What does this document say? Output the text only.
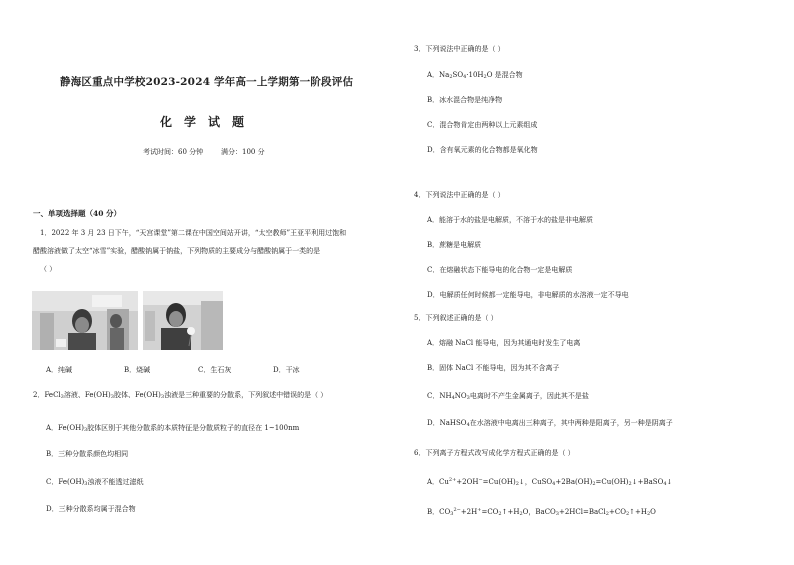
静海区重点中学校2023-2024 学年高一上学期第一阶段评估
化学试题
考试时间：60 分钟	满分：100 分
一、单项选择题（40 分）
1．2022 年 3 月 23 日下午，“天宫课堂”第二课在中国空间站开讲，“太空教师”王亚平利用过饱和
醋酸溶液做了太空“冰雪”实验，醋酸钠属于钠盐，下列物质的主要成分与醋酸钠属于一类的是
（ ）
A．纯碱	B．烧碱	C．生石灰	D．干冰
2．FeCl$_3$溶液、$Fe(OH)_3$胶体、$Fe(OH)_3$浊液是三种重要的分散系，下列叙述中错误的是（ ）
A．$Fe(OH)_3$胶体区别于其他分散系的本质特征是分散质粒子的直径在 1~100nm
B．三种分散系颜色均相同
C．$Fe(OH)_3$浊液不能透过滤纸
D．三种分散系均属于混合物
3．下列说法中正确的是（ ）
A．$Na_2SO_4\cdot 10H_2O$ 是混合物
B．冰水混合物是纯净物
C．混合物肯定由两种以上元素组成
D．含有氧元素的化合物都是氧化物
4．下列说法中正确的是（ ）
A．能溶于水的盐是电解质，不溶于水的盐是非电解质
B．蔗糖是电解质
C．在熔融状态下能导电的化合物一定是电解质
D．电解质任何时候都一定能导电，非电解质的水溶液一定不导电
5．下列叙述正确的是（ ）
A．熔融 NaCl 能导电，因为其通电时发生了电离
B．固体 NaCl 不能导电，因为其不含离子
C．$NH_4NO_3$电离时不产生金属离子，因此其不是盐
D．NaHSO$_4$在水溶液中电离出三种离子，其中两种是阳离子，另一种是阴离子
6．下列离子方程式改写成化学方程式正确的是（ ）
A．$Cu^{2+}+2OH^-=Cu(OH)_2↓$，$CuSO_4+2Ba(OH)_2=Cu(OH)_2↓+BaSO_4↓$
B．$CO_3^{2-}+2H^+=CO_2↑+H_2O$，$BaCO_3+2HCl=BaCl_2+CO_2↑+H_2O$
